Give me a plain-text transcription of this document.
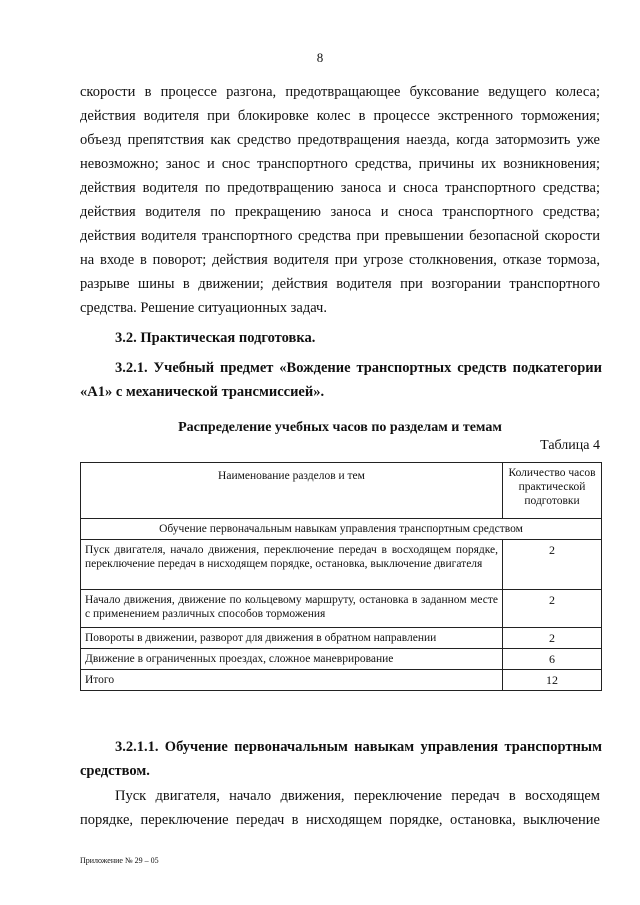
8
скорости в процессе разгона, предотвращающее буксование ведущего колеса;
действия водителя при блокировке колес в процессе экстренного торможения;
объезд препятствия как средство предотвращения наезда, когда затормозить уже
невозможно; занос и снос транспортного средства, причины их возникновения;
действия водителя по предотвращению заноса и сноса транспортного средства;
действия водителя по прекращению заноса и сноса транспортного средства;
действия водителя транспортного средства при превышении безопасной скорости
на входе в поворот; действия водителя при угрозе столкновения, отказе тормоза,
разрыве шины в движении; действия водителя при возгорании транспортного
средства. Решение ситуационных задач.
3.2. Практическая подготовка.
3.2.1. Учебный предмет «Вождение транспортных средств подкатегории
«А1» с механической трансмиссией».
Распределение учебных часов по разделам и темам
Таблица 4
Наименование разделов и тем	Количество часов практической подготовки
Обучение первоначальным навыкам управления транспортным средством	
Пуск двигателя, начало движения, переключение передач в восходящем порядке, переключение передач в нисходящем порядке, остановка, выключение двигателя	2
Начало движения, движение по кольцевому маршруту, остановка в заданном месте с применением различных способов торможения	2
Повороты в движении, разворот для движения в обратном направлении	2
Движение в ограниченных проездах, сложное маневрирование	6
Итого	12
3.2.1.1. Обучение первоначальным навыкам управления транспортным
средством.
Пуск двигателя, начало движения, переключение передач в восходящем
порядке, переключение передач в нисходящем порядке, остановка, выключение
Приложение № 29 – 05
